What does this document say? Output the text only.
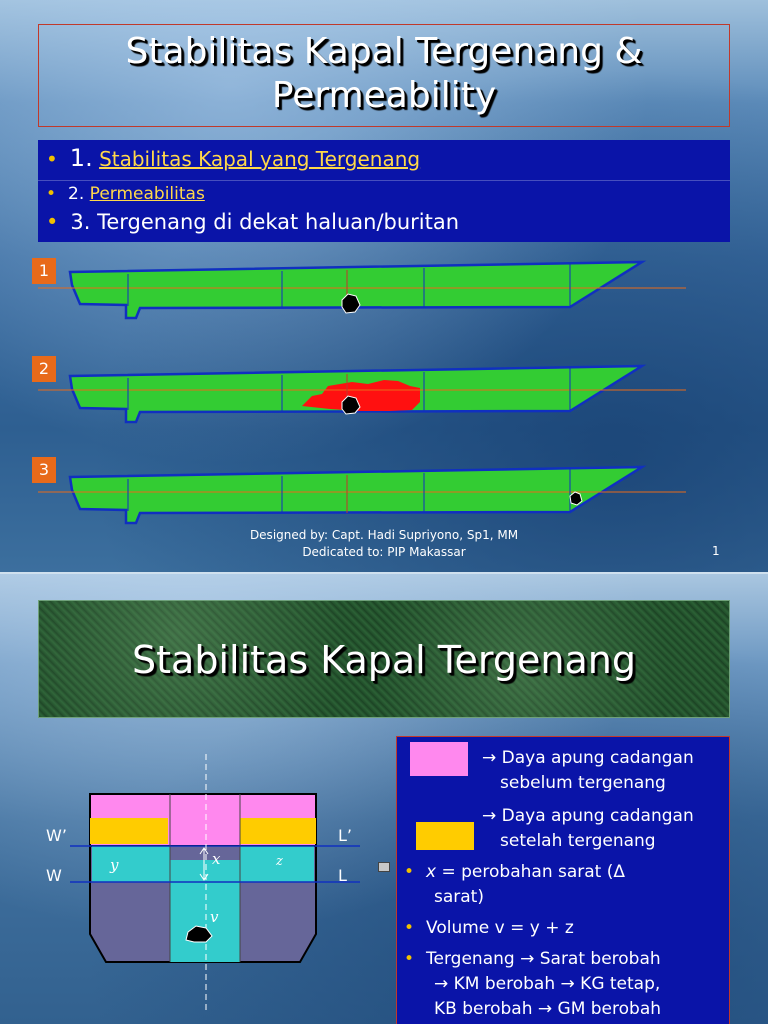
Stabilitas Kapal Tergenang & Permeability
• 1. Stabilitas Kapal yang Tergenang
• 2. Permeabilitas
• 3. Tergenang di dekat haluan/buritan
1
2
3
Designed by: Capt. Hadi Supriyono, Sp1, MM
Dedicated to: PIP Makassar	1
Stabilitas Kapal Tergenang
y	x	z
v
W’	L’
W	L
→ Daya apung cadangan
sebelum tergenang
→ Daya apung cadangan
setelah tergenang
• x = perobahan sarat (Δ
sarat)
• Volume v = y + z
• Tergenang → Sarat berobah
→ KM berobah → KG tetap,
KB berobah → GM berobah
